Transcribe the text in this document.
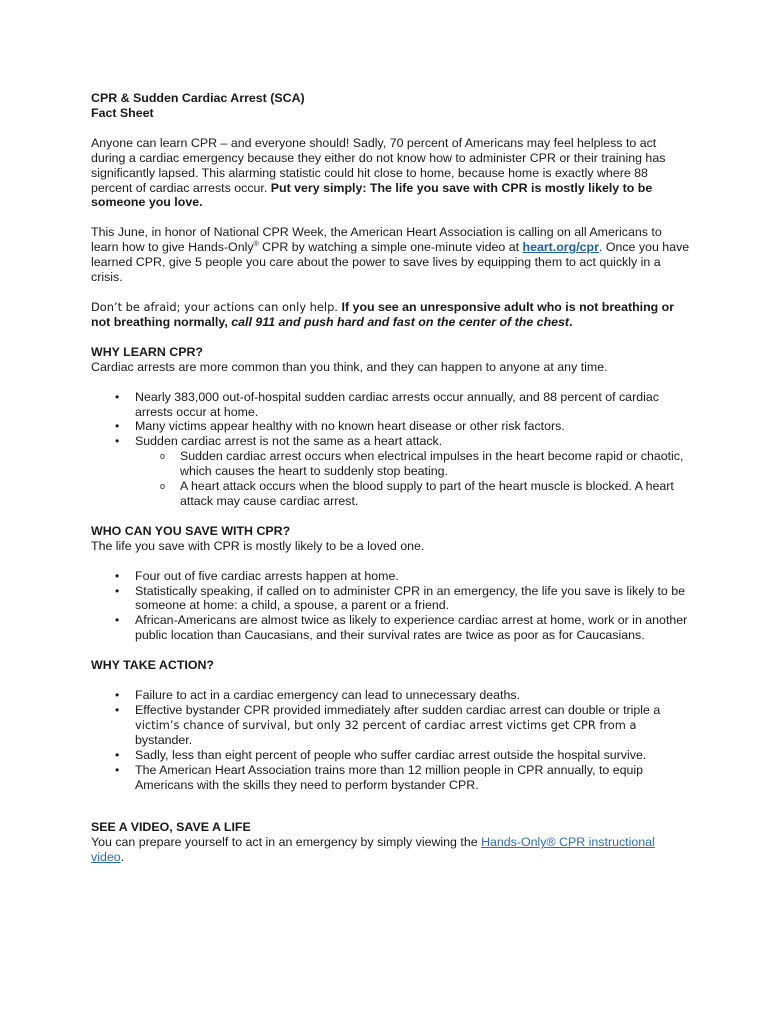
CPR & Sudden Cardiac Arrest (SCA)

Fact Sheet

Anyone can learn CPR – and everyone should! Sadly, 70 percent of Americans may feel helpless to act during a cardiac emergency because they either do not know how to administer CPR or their training has significantly lapsed. This alarming statistic could hit close to home, because home is exactly where 88 percent of cardiac arrests occur. Put very simply: The life you save with CPR is mostly likely to be someone you love.

This June, in honor of National CPR Week, the American Heart Association is calling on all Americans to learn how to give Hands-Only® CPR by watching a simple one-minute video at heart.org/cpr. Once you have learned CPR, give 5 people you care about the power to save lives by equipping them to act quickly in a crisis.

Don’t be afraid; your actions can only help. If you see an unresponsive adult who is not breathing or not breathing normally, call 911 and push hard and fast on the center of the chest.

WHY LEARN CPR?

Cardiac arrests are more common than you think, and they can happen to anyone at any time.

• Nearly 383,000 out-of-hospital sudden cardiac arrests occur annually, and 88 percent of cardiac arrests occur at home.
• Many victims appear healthy with no known heart disease or other risk factors.
• Sudden cardiac arrest is not the same as a heart attack.
o Sudden cardiac arrest occurs when electrical impulses in the heart become rapid or chaotic, which causes the heart to suddenly stop beating.
o A heart attack occurs when the blood supply to part of the heart muscle is blocked. A heart attack may cause cardiac arrest.

WHO CAN YOU SAVE WITH CPR?

The life you save with CPR is mostly likely to be a loved one.

• Four out of five cardiac arrests happen at home.
• Statistically speaking, if called on to administer CPR in an emergency, the life you save is likely to be someone at home: a child, a spouse, a parent or a friend.
• African-Americans are almost twice as likely to experience cardiac arrest at home, work or in another public location than Caucasians, and their survival rates are twice as poor as for Caucasians.

WHY TAKE ACTION?

• Failure to act in a cardiac emergency can lead to unnecessary deaths.
• Effective bystander CPR provided immediately after sudden cardiac arrest can double or triple a victim’s chance of survival, but only 32 percent of cardiac arrest victims get CPR from a bystander.
• Sadly, less than eight percent of people who suffer cardiac arrest outside the hospital survive.
• The American Heart Association trains more than 12 million people in CPR annually, to equip Americans with the skills they need to perform bystander CPR.

SEE A VIDEO, SAVE A LIFE

You can prepare yourself to act in an emergency by simply viewing the Hands-Only® CPR instructional video.
